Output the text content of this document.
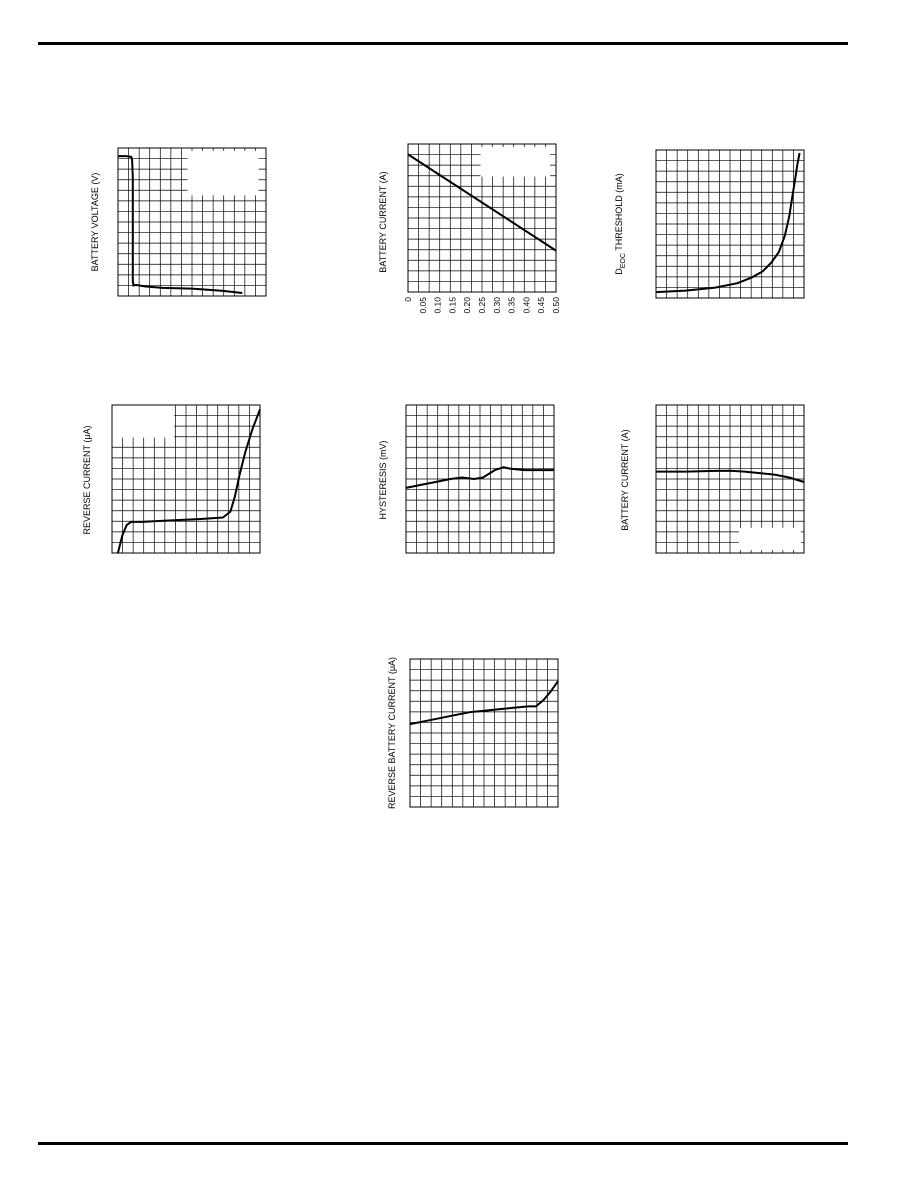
BATTERY VOLTAGE (V)	BATTERY CURRENT (A)
0 0.05 0.10 0.15 0.20 0.25 0.30 0.35 0.40 0.45 0.50
$D_{EOC}$ THRESHOLD (mA)
REVERSE CURRENT (μA)	HYSTERESIS (mV)	BATTERY CURRENT (A)
REVERSE BATTERY CURRENT (μA)
